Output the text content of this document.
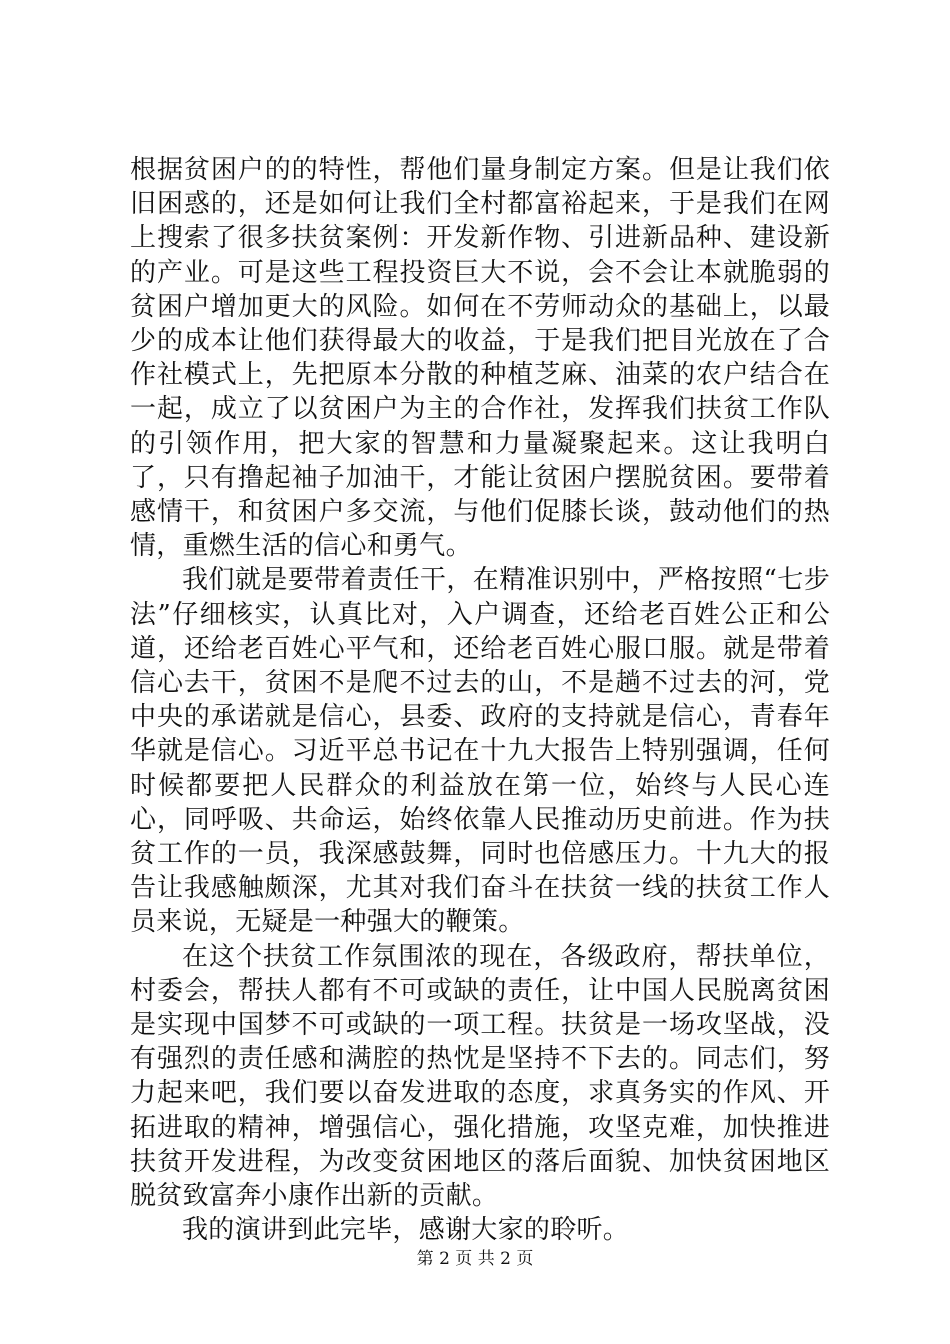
根据贫困户的的特性，帮他们量身制定方案。但是让我们依旧困惑的，还是如何让我们全村都富裕起来，于是我们在网上搜索了很多扶贫案例：开发新作物、引进新品种、建设新的产业。可是这些工程投资巨大不说，会不会让本就脆弱的贫困户增加更大的风险。如何在不劳师动众的基础上，以最少的成本让他们获得最大的收益，于是我们把目光放在了合作社模式上，先把原本分散的种植芝麻、油菜的农户结合在一起，成立了以贫困户为主的合作社，发挥我们扶贫工作队的引领作用，把大家的智慧和力量凝聚起来。这让我明白了，只有撸起袖子加油干，才能让贫困户摆脱贫困。要带着感情干，和贫困户多交流，与他们促膝长谈，鼓动他们的热情，重燃生活的信心和勇气。

我们就是要带着责任干，在精准识别中，严格按照“七步法”仔细核实，认真比对，入户调查，还给老百姓公正和公道，还给老百姓心平气和，还给老百姓心服口服。就是带着信心去干，贫困不是爬不过去的山，不是趟不过去的河，党中央的承诺就是信心，县委、政府的支持就是信心，青春年华就是信心。习近平总书记在十九大报告上特别强调，任何时候都要把人民群众的利益放在第一位，始终与人民心连心，同呼吸、共命运，始终依靠人民推动历史前进。作为扶贫工作的一员，我深感鼓舞，同时也倍感压力。十九大的报告让我感触颇深，尤其对我们奋斗在扶贫一线的扶贫工作人员来说，无疑是一种强大的鞭策。

在这个扶贫工作氛围浓的现在，各级政府，帮扶单位，村委会，帮扶人都有不可或缺的责任，让中国人民脱离贫困是实现中国梦不可或缺的一项工程。扶贫是一场攻坚战，没有强烈的责任感和满腔的热忱是坚持不下去的。同志们，努力起来吧，我们要以奋发进取的态度，求真务实的作风、开拓进取的精神，增强信心，强化措施，攻坚克难，加快推进扶贫开发进程，为改变贫困地区的落后面貌、加快贫困地区脱贫致富奔小康作出新的贡献。

我的演讲到此完毕，感谢大家的聆听。

第 2 页 共 2 页
